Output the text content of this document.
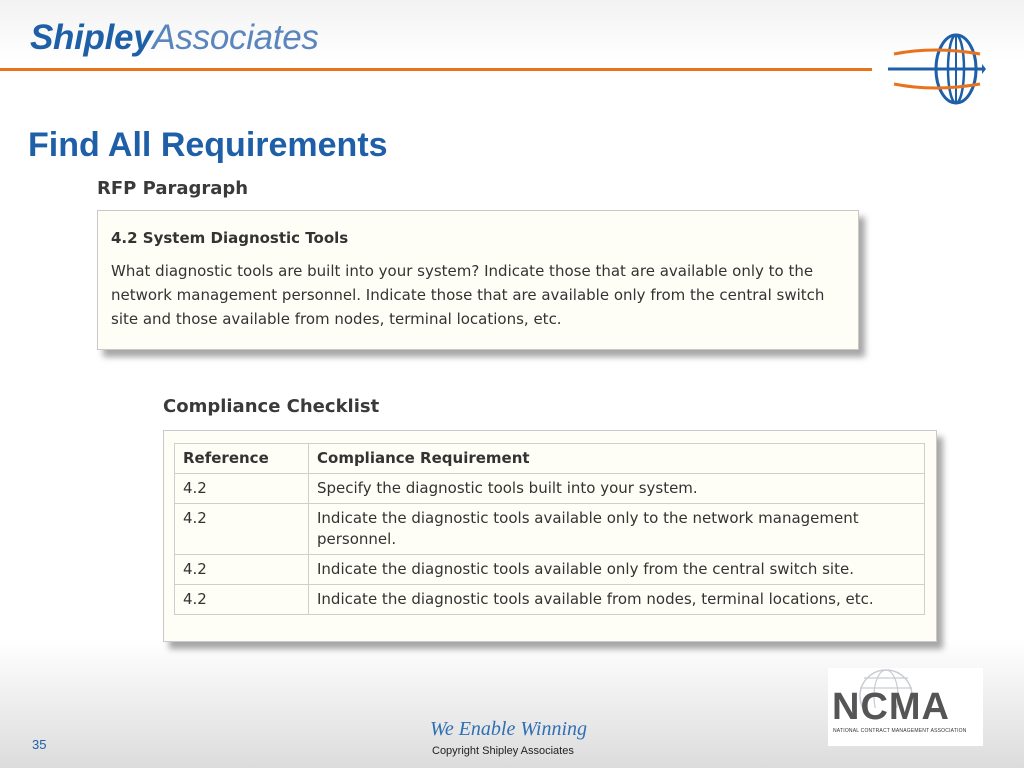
ShipleyAssociates
Find All Requirements
RFP Paragraph
4.2 System Diagnostic Tools
What diagnostic tools are built into your system? Indicate those that are available only to the network management personnel. Indicate those that are available only from the central switch site and those available from nodes, terminal locations, etc.
Compliance Checklist
Reference	Compliance Requirement
4.2	Specify the diagnostic tools built into your system.
4.2	Indicate the diagnostic tools available only to the network management personnel.
4.2	Indicate the diagnostic tools available only from the central switch site.
4.2	Indicate the diagnostic tools available from nodes, terminal locations, etc.
35
We Enable Winning
Copyright Shipley Associates
NCMA
NATIONAL CONTRACT MANAGEMENT ASSOCIATION
